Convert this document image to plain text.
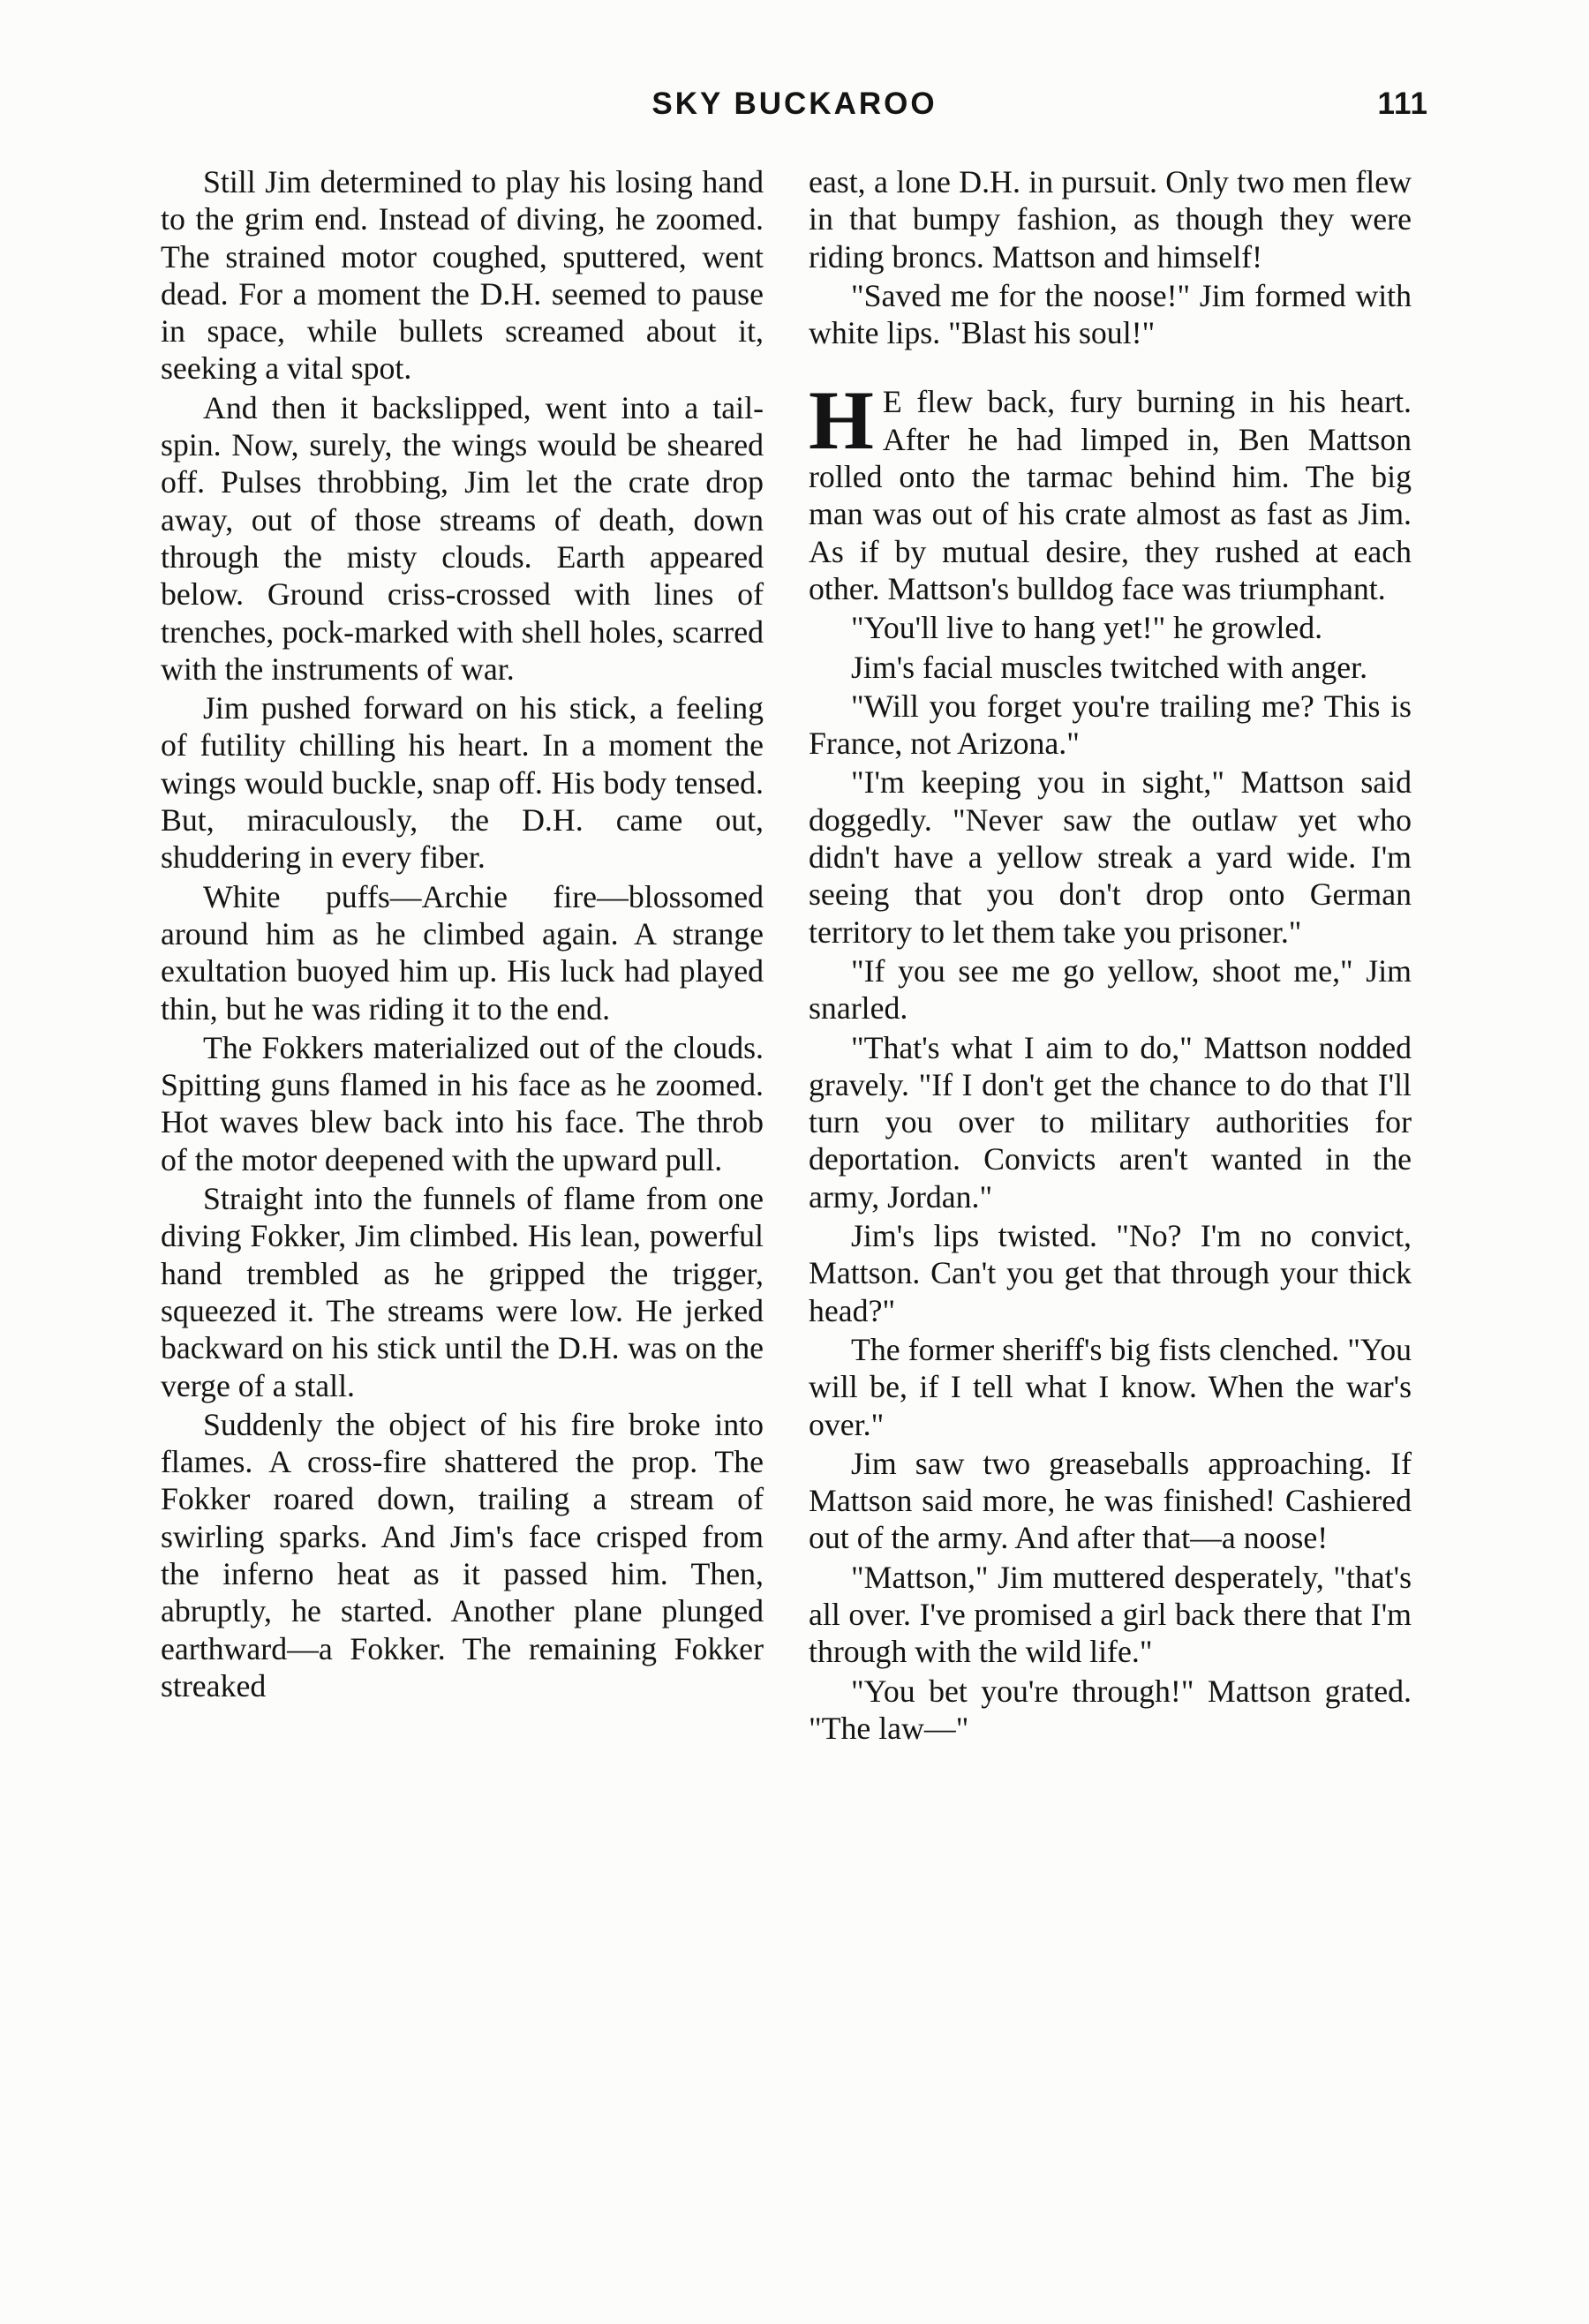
SKY BUCKAROO	111

Still Jim determined to play his losing hand to the grim end. Instead of diving, he zoomed. The strained motor coughed, sputtered, went dead. For a moment the D.H. seemed to pause in space, while bullets screamed about it, seeking a vital spot.

And then it backslipped, went into a tail-spin. Now, surely, the wings would be sheared off. Pulses throbbing, Jim let the crate drop away, out of those streams of death, down through the misty clouds. Earth appeared below. Ground criss-crossed with lines of trenches, pock-marked with shell holes, scarred with the instruments of war.

Jim pushed forward on his stick, a feeling of futility chilling his heart. In a moment the wings would buckle, snap off. His body tensed. But, miraculously, the D.H. came out, shuddering in every fiber.

White puffs—Archie fire—blossomed around him as he climbed again. A strange exultation buoyed him up. His luck had played thin, but he was riding it to the end.

The Fokkers materialized out of the clouds. Spitting guns flamed in his face as he zoomed. Hot waves blew back into his face. The throb of the motor deepened with the upward pull.

Straight into the funnels of flame from one diving Fokker, Jim climbed. His lean, powerful hand trembled as he gripped the trigger, squeezed it. The streams were low. He jerked backward on his stick until the D.H. was on the verge of a stall.

Suddenly the object of his fire broke into flames. A cross-fire shattered the prop. The Fokker roared down, trailing a stream of swirling sparks. And Jim's face crisped from the inferno heat as it passed him. Then, abruptly, he started. Another plane plunged earthward—a Fokker. The remaining Fokker streaked

east, a lone D.H. in pursuit. Only two men flew in that bumpy fashion, as though they were riding broncs. Mattson and himself!

"Saved me for the noose!" Jim formed with white lips. "Blast his soul!"

H E flew back, fury burning in his heart. After he had limped in, Ben Mattson rolled onto the tarmac behind him. The big man was out of his crate almost as fast as Jim. As if by mutual desire, they rushed at each other. Mattson's bulldog face was triumphant.

"You'll live to hang yet!" he growled.

Jim's facial muscles twitched with anger.

"Will you forget you're trailing me? This is France, not Arizona."

"I'm keeping you in sight," Mattson said doggedly. "Never saw the outlaw yet who didn't have a yellow streak a yard wide. I'm seeing that you don't drop onto German territory to let them take you prisoner."

"If you see me go yellow, shoot me," Jim snarled.

"That's what I aim to do," Mattson nodded gravely. "If I don't get the chance to do that I'll turn you over to military authorities for deportation. Convicts aren't wanted in the army, Jordan."

Jim's lips twisted. "No? I'm no convict, Mattson. Can't you get that through your thick head?"

The former sheriff's big fists clenched. "You will be, if I tell what I know. When the war's over."

Jim saw two greaseballs approaching. If Mattson said more, he was finished! Cashiered out of the army. And after that—a noose!

"Mattson," Jim muttered desperately, "that's all over. I've promised a girl back there that I'm through with the wild life."

"You bet you're through!" Mattson grated. "The law—"
